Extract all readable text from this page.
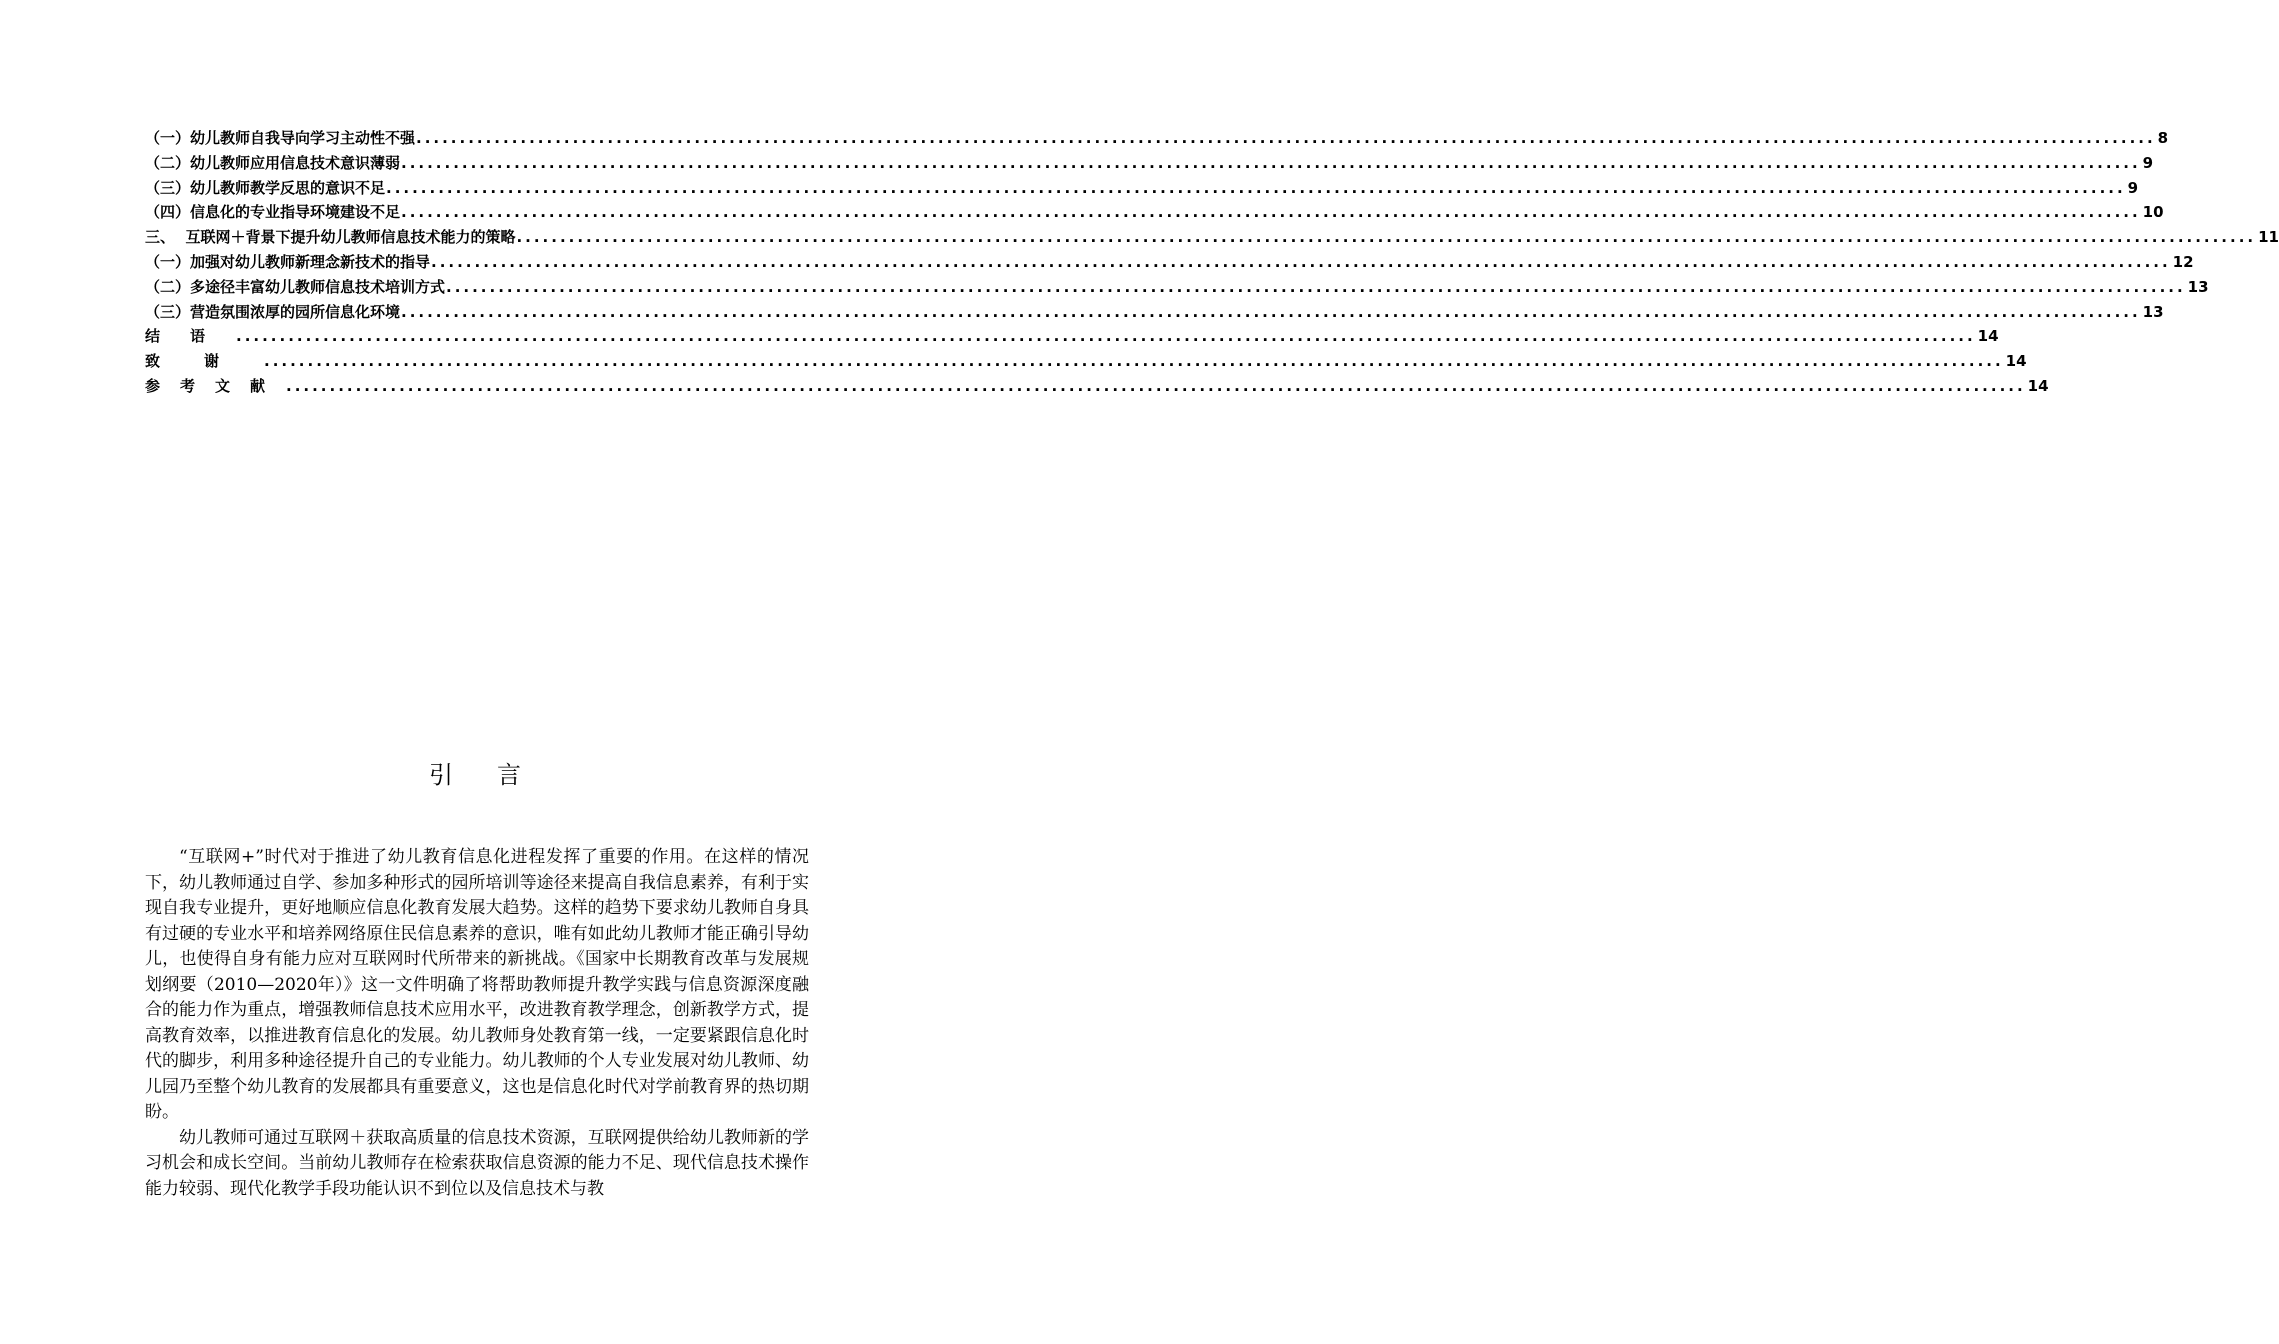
（一）幼儿教师自我导向学习主动性不强 ........................................................................................................................................................................................................ 8
（二）幼儿教师应用信息技术意识薄弱 ........................................................................................................................................................................................................ 9
（三）幼儿教师教学反思的意识不足 ........................................................................................................................................................................................................ 9
（四）信息化的专业指导环境建设不足 ........................................................................................................................................................................................................ 10
三、  互联网＋背景下提升幼儿教师信息技术能力的策略 ........................................................................................................................................................................................................ 11
（一）加强对幼儿教师新理念新技术的指导 ........................................................................................................................................................................................................ 12
（二）多途径丰富幼儿教师信息技术培训方式 ........................................................................................................................................................................................................ 13
（三）营造氛围浓厚的园所信息化环境 ........................................................................................................................................................................................................ 13
结语 ........................................................................................................................................................................................................ 14
致谢 ........................................................................................................................................................................................................ 14
参考文献 ........................................................................................................................................................................................................ 14
引言

“互联网+”时代对于推进了幼儿教育信息化进程发挥了重要的作用。在这样的情况下，幼儿教师通过自学、参加多种形式的园所培训等途径来提高自我信息素养，有利于实现自我专业提升，更好地顺应信息化教育发展大趋势。这样的趋势下要求幼儿教师自身具有过硬的专业水平和培养网络原住民信息素养的意识，唯有如此幼儿教师才能正确引导幼儿，也使得自身有能力应对互联网时代所带来的新挑战。《国家中长期教育改革与发展规划纲要（2010—2020年）》这一文件明确了将帮助教师提升教学实践与信息资源深度融合的能力作为重点，增强教师信息技术应用水平，改进教育教学理念，创新教学方式，提高教育效率，以推进教育信息化的发展。幼儿教师身处教育第一线，一定要紧跟信息化时代的脚步，利用多种途径提升自己的专业能力。幼儿教师的个人专业发展对幼儿教师、幼儿园乃至整个幼儿教育的发展都具有重要意义，这也是信息化时代对学前教育界的热切期盼。

幼儿教师可通过互联网＋获取高质量的信息技术资源，互联网提供给幼儿教师新的学习机会和成长空间。当前幼儿教师存在检索获取信息资源的能力不足、现代信息技术操作能力较弱、现代化教学手段功能认识不到位以及信息技术与教
